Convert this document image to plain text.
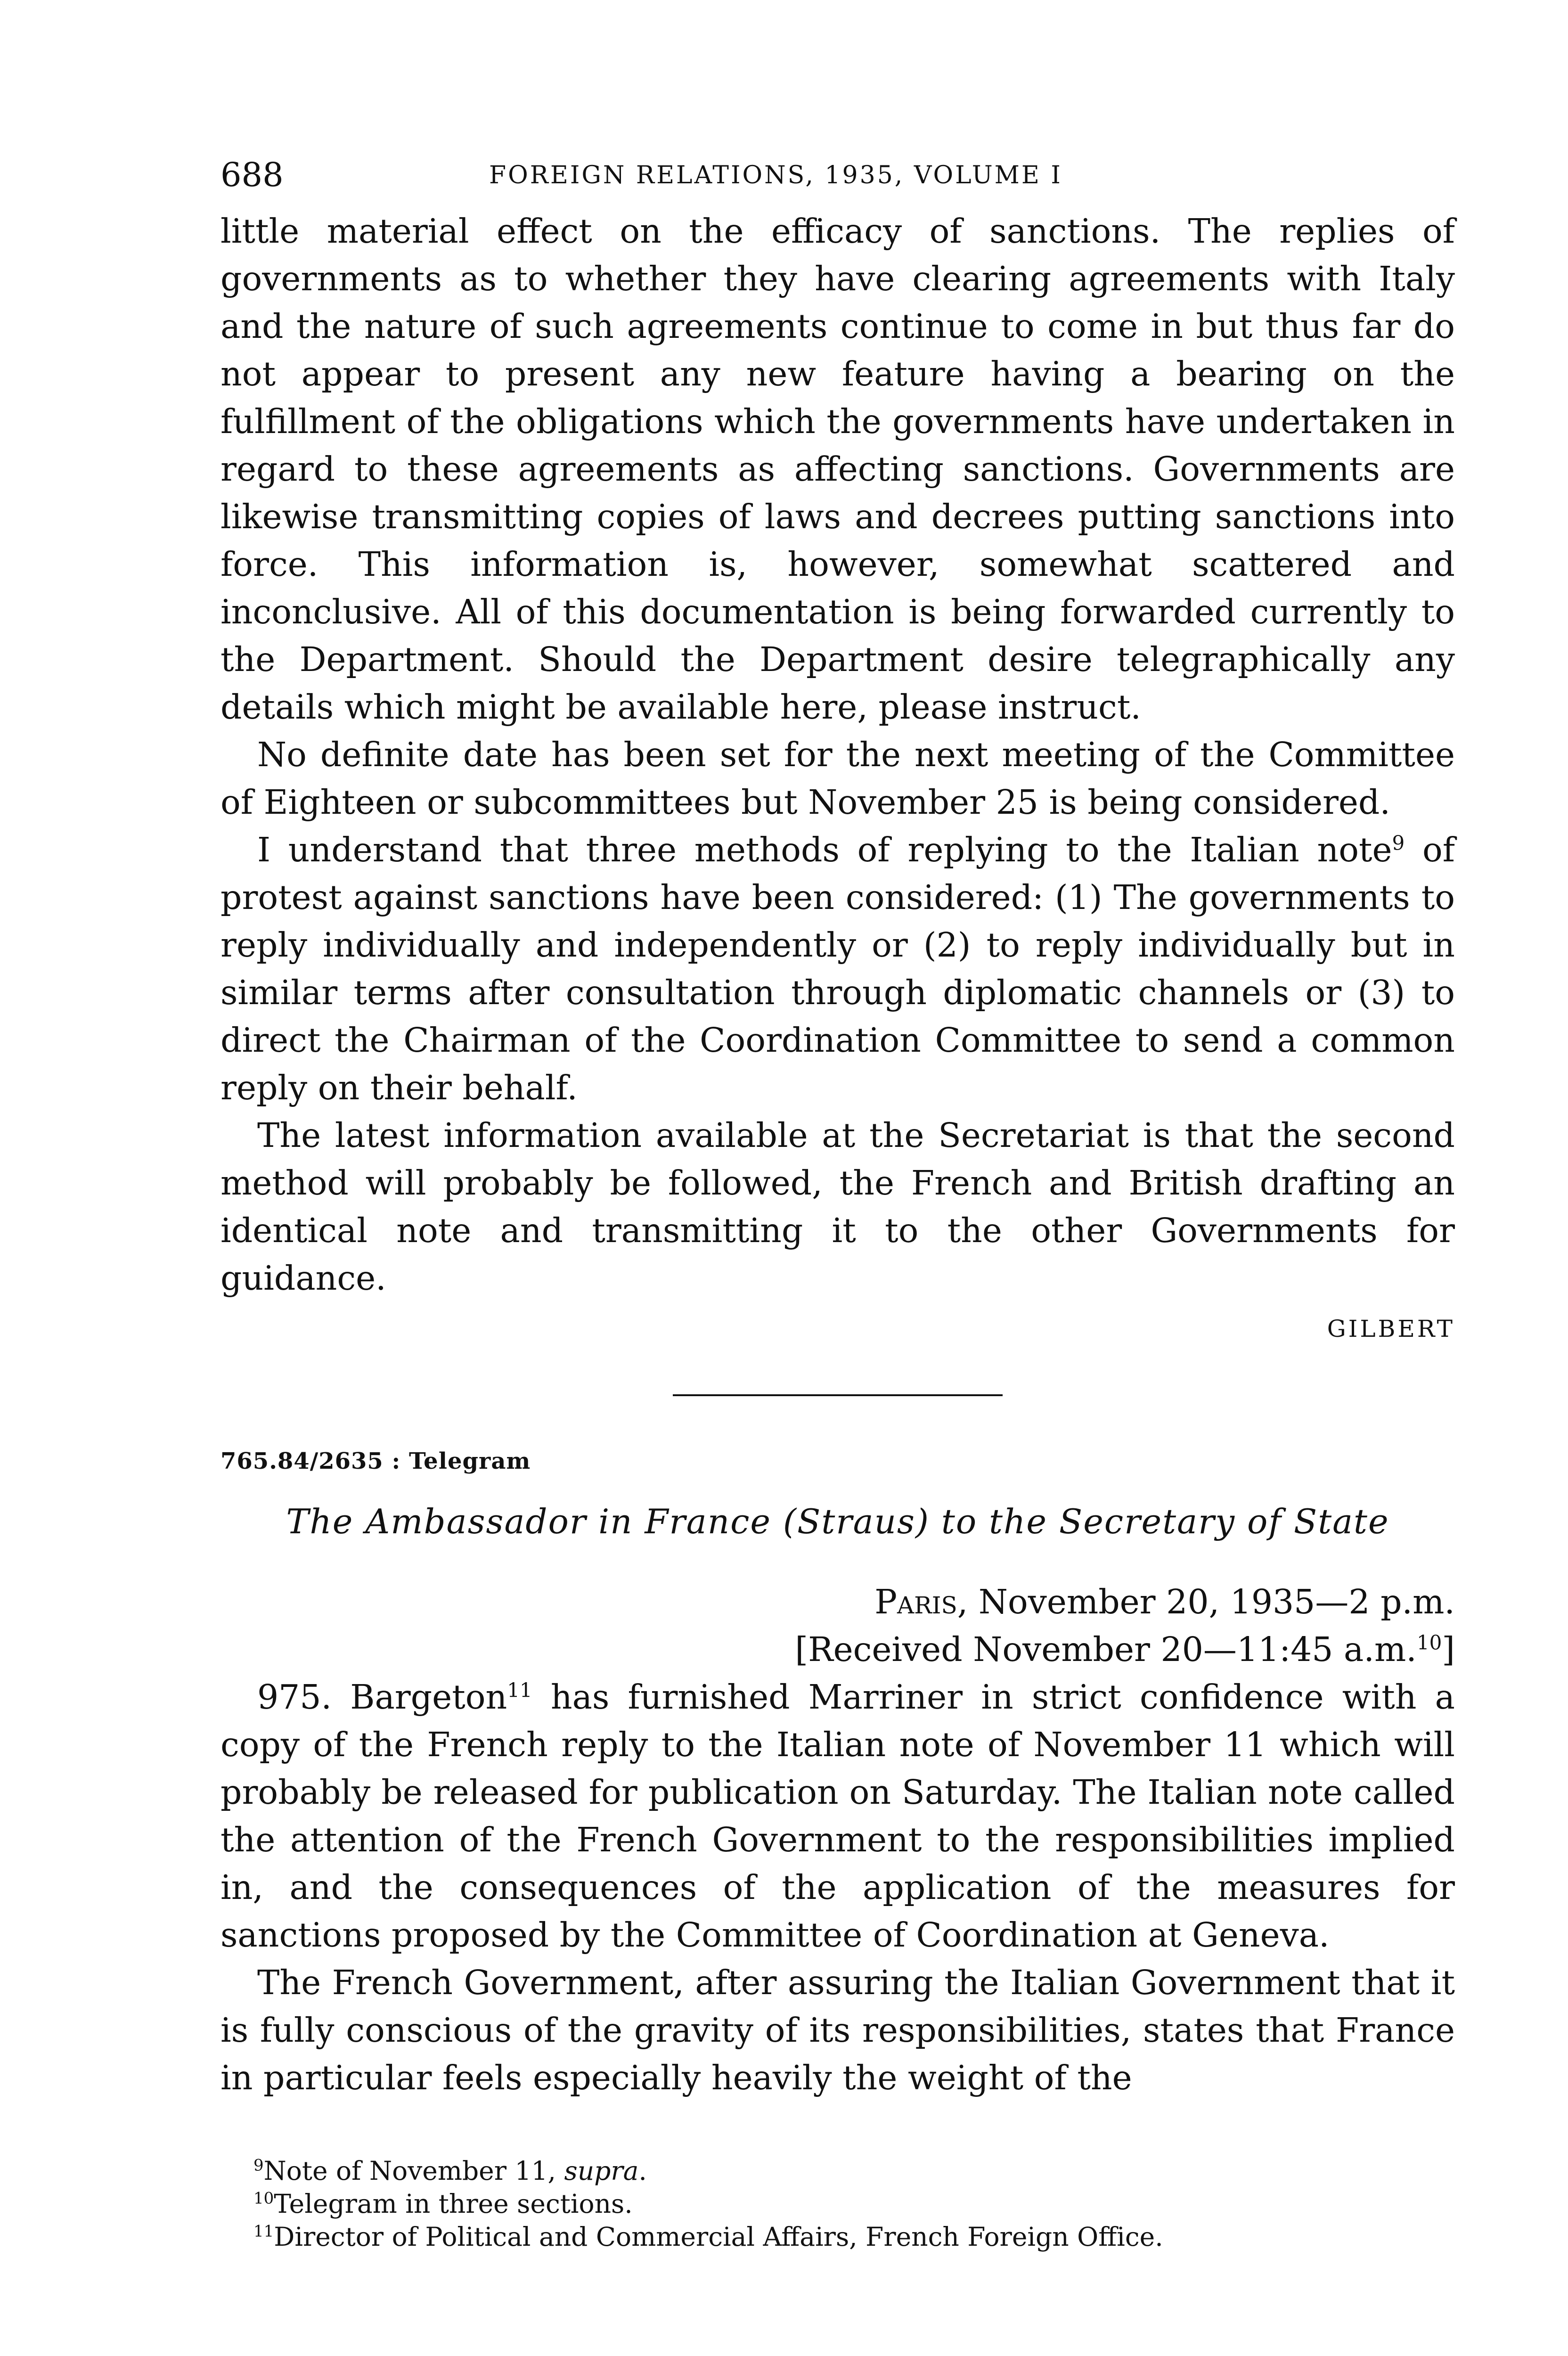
688	FOREIGN RELATIONS, 1935, VOLUME I

little material effect on the efficacy of sanctions. The replies of governments as to whether they have clearing agreements with Italy and the nature of such agreements continue to come in but thus far do not appear to present any new feature having a bearing on the fulfillment of the obligations which the governments have undertaken in regard to these agreements as affecting sanctions. Governments are likewise transmitting copies of laws and decrees putting sanctions into force. This information is, however, somewhat scattered and inconclusive. All of this documentation is being forwarded currently to the Department. Should the Department desire telegraphically any details which might be available here, please instruct.

No definite date has been set for the next meeting of the Committee of Eighteen or subcommittees but November 25 is being considered.

I understand that three methods of replying to the Italian note$^9$ of protest against sanctions have been considered: (1) The governments to reply individually and independently or (2) to reply individually but in similar terms after consultation through diplomatic channels or (3) to direct the Chairman of the Coordination Committee to send a common reply on their behalf.

The latest information available at the Secretariat is that the second method will probably be followed, the French and British drafting an identical note and transmitting it to the other Governments for guidance.

GILBERT
765.84/2635 : Telegram
The Ambassador in France (Straus) to the Secretary of State
Paris, November 20, 1935—2 p.m.
[Received November 20—11:45 a.m.$^{10}$]

975. Bargeton$^{11}$ has furnished Marriner in strict confidence with a copy of the French reply to the Italian note of November 11 which will probably be released for publication on Saturday. The Italian note called the attention of the French Government to the responsibilities implied in, and the consequences of the application of the measures for sanctions proposed by the Committee of Coordination at Geneva.

The French Government, after assuring the Italian Government that it is fully conscious of the gravity of its responsibilities, states that France in particular feels especially heavily the weight of the

$^9$Note of November 11, supra.

$^{10}$Telegram in three sections.

$^{11}$Director of Political and Commercial Affairs, French Foreign Office.
